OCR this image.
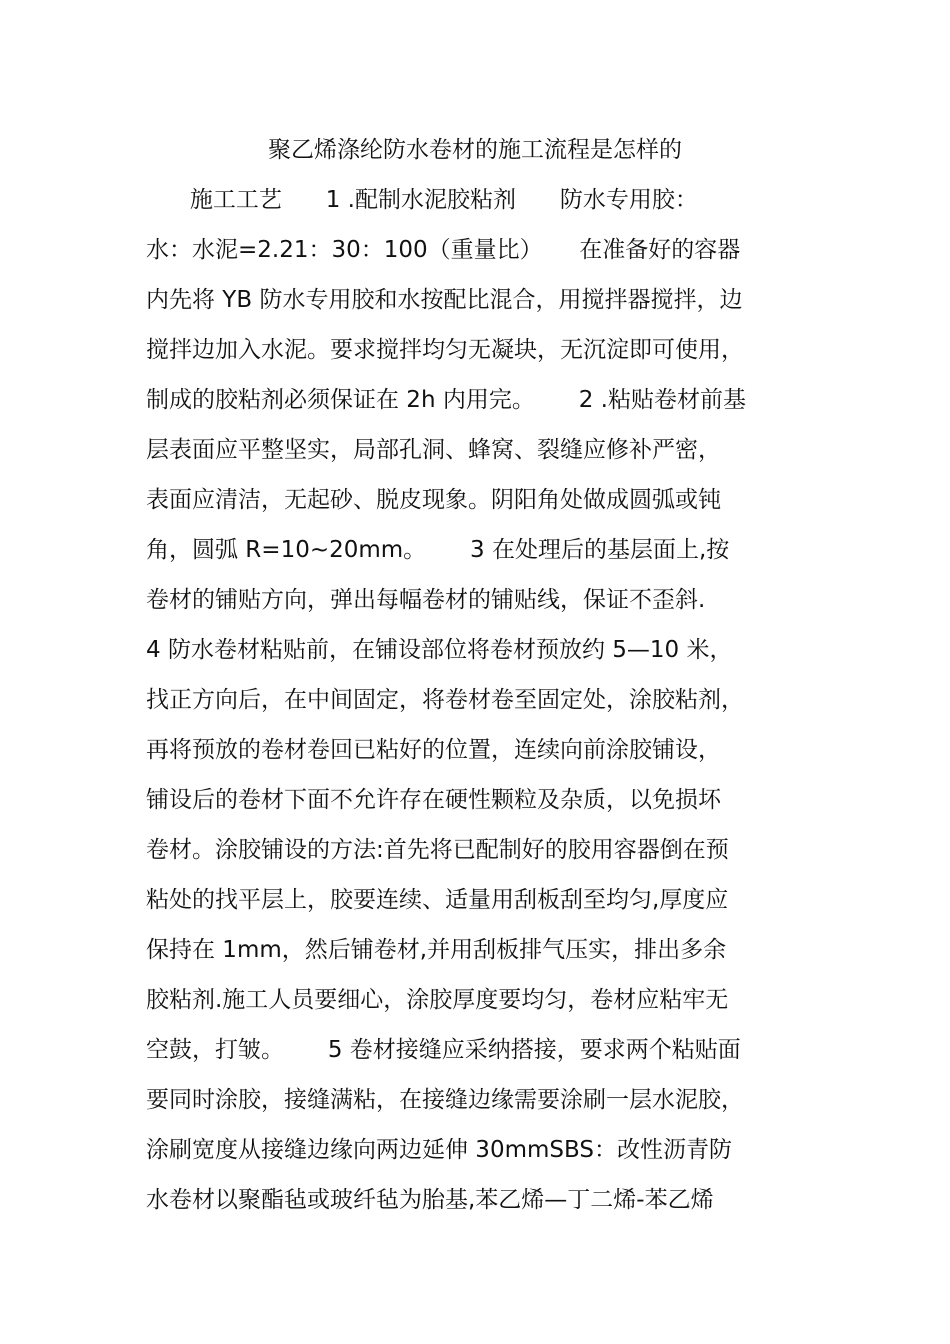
聚乙烯涤纶防水卷材的施工流程是怎样的
施工工艺      1 .配制水泥胶粘剂      防水专用胶：
水：水泥=2.21：30：100（重量比）     在准备好的容器
内先将 YB 防水专用胶和水按配比混合，用搅拌器搅拌，边
搅拌边加入水泥。要求搅拌均匀无凝块，无沉淀即可使用，
制成的胶粘剂必须保证在 2h 内用完。      2 .粘贴卷材前基
层表面应平整坚实，局部孔洞、蜂窝、裂缝应修补严密，
表面应清洁，无起砂、脱皮现象。阴阳角处做成圆弧或钝
角，圆弧 R=10~20mm。      3 在处理后的基层面上,按
卷材的铺贴方向，弹出每幅卷材的铺贴线，保证不歪斜.
4 防水卷材粘贴前，在铺设部位将卷材预放约 5—10 米，
找正方向后，在中间固定，将卷材卷至固定处，涂胶粘剂，
再将预放的卷材卷回已粘好的位置，连续向前涂胶铺设，
铺设后的卷材下面不允许存在硬性颗粒及杂质，以免损坏
卷材。涂胶铺设的方法:首先将已配制好的胶用容器倒在预
粘处的找平层上，胶要连续、适量用刮板刮至均匀,厚度应
保持在 1mm，然后铺卷材,并用刮板排气压实，排出多余
胶粘剂.施工人员要细心，涂胶厚度要均匀，卷材应粘牢无
空鼓，打皱。      5 卷材接缝应采纳搭接，要求两个粘贴面
要同时涂胶，接缝满粘，在接缝边缘需要涂刷一层水泥胶，
涂刷宽度从接缝边缘向两边延伸 30mmSBS：改性沥青防
水卷材以聚酯毡或玻纤毡为胎基,苯乙烯—丁二烯-苯乙烯
